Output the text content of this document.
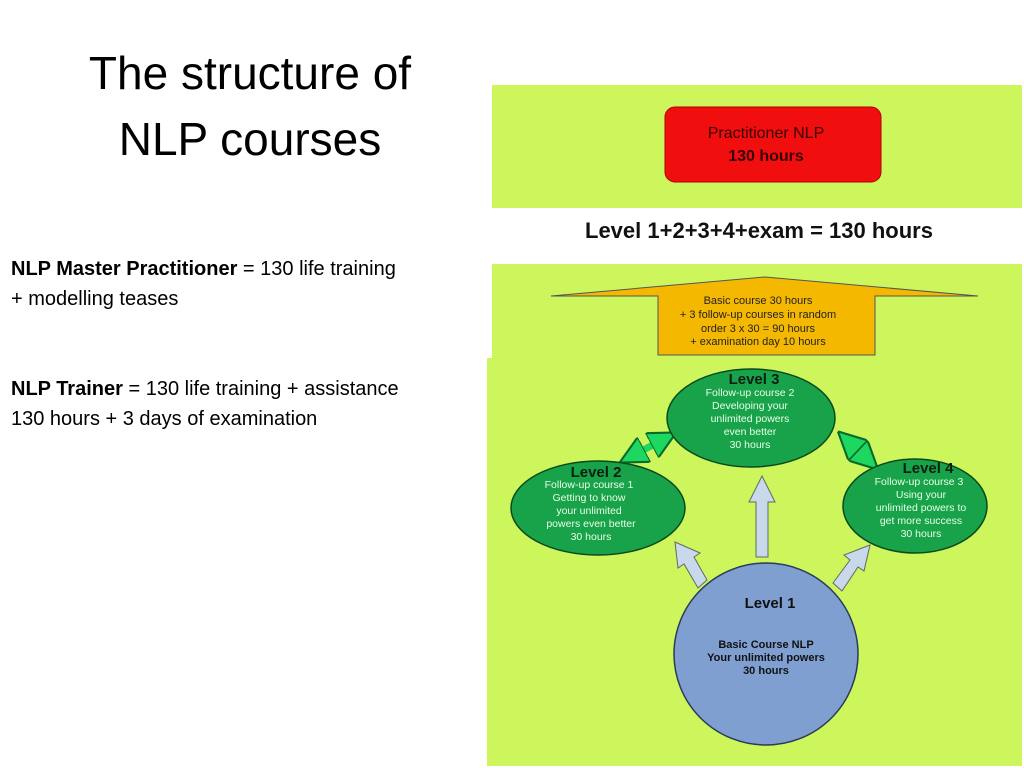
The structure of
NLP courses
NLP Master Practitioner = 130 life training
+ modelling teases
NLP Trainer = 130 life training + assistance
130 hours + 3 days of examination
Practitioner NLP
130 hours
Level 1+2+3+4+exam = 130 hours
Basic course 30 hours
+ 3 follow-up courses in random
order 3 x 30 = 90 hours
+ examination day 10 hours
Level 3
Follow-up course 2
Developing your
unlimited powers
even better
30 hours
Level 2
Follow-up course 1
Getting to know
your unlimited
powers even better
30 hours
Level 4
Follow-up course 3
Using your
unlimited powers to
get more success
30 hours
Level 1
Basic Course NLP
Your unlimited powers
30 hours
